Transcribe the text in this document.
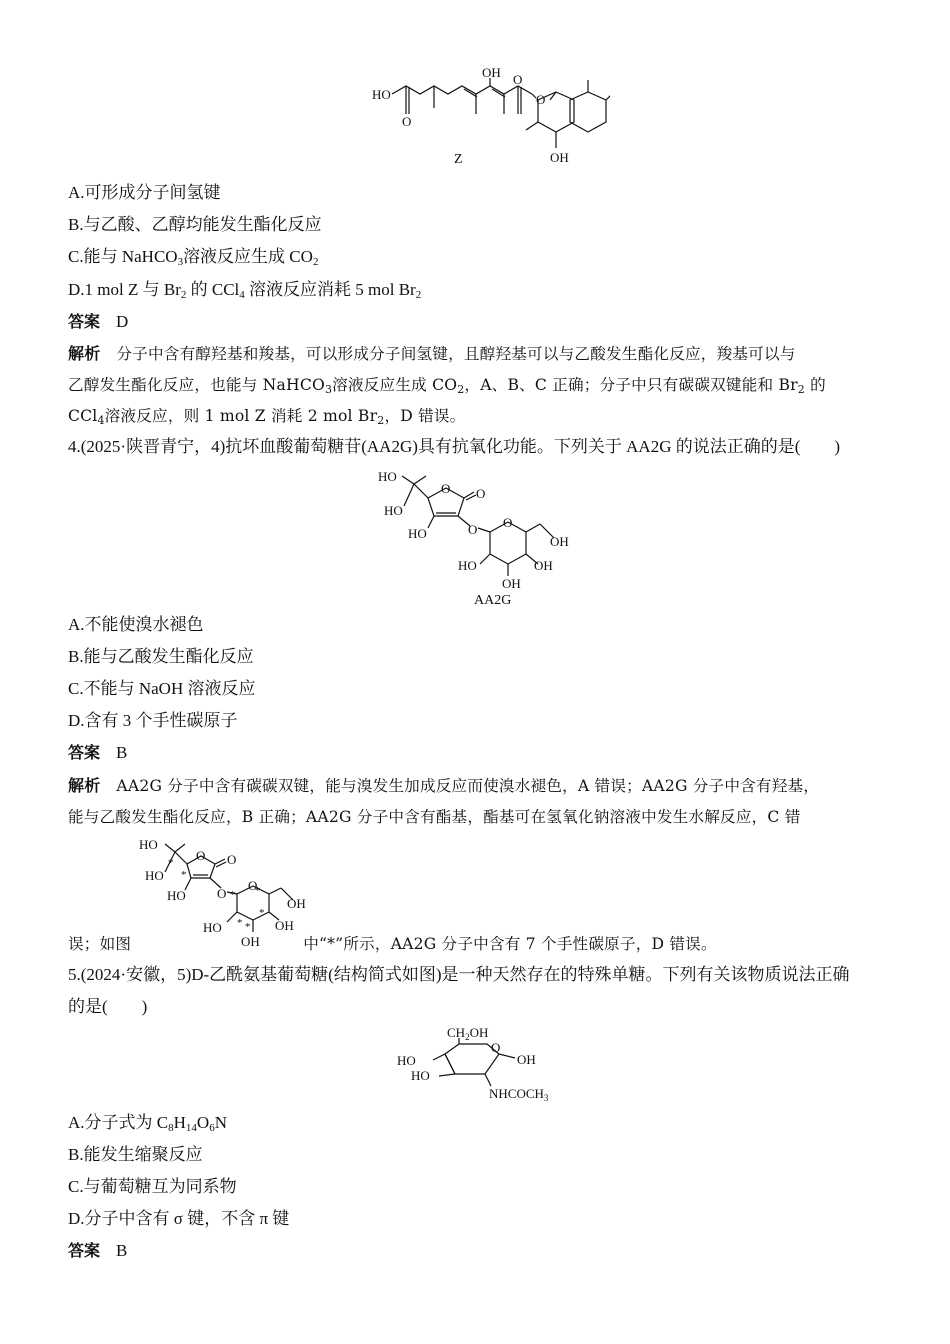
HO
O
OH O
O
OH
Z
A.可形成分子间氢键
B.与乙酸、乙醇均能发生酯化反应
C.能与 NaHCO$_3$溶液反应生成 $CO_2$
D.1 mol Z 与 $Br_2$ 的 CCl$_4$ 溶液反应消耗 5 mol $Br_2$
答案 D
解析 分子中含有醇羟基和羧基，可以形成分子间氢键，且醇羟基可以与乙酸发生酯化反应，羧基可以与
乙醇发生酯化反应，也能与 NaHCO$_3$溶液反应生成 $CO_2$，A、B、C 正确；分子中只有碳碳双键能和 $Br_2$ 的
CCl$_4$溶液反应，则 1 mol Z 消耗 2 mol $Br_2$，D 错误。
4.(2025·陕晋青宁，4)抗坏血酸葡萄糖苷(AA2G)具有抗氧化功能。下列关于 AA2G 的说法正确的是(　　)
HO
HO
O O
HO	O O
OH
HO
OH
OH
AA2G
A.不能使溴水褪色
B.能与乙酸发生酯化反应
C.不能与 NaOH 溶液反应
D.含有 3 个手性碳原子
答案 B
解析 AA2G 分子中含有碳碳双键，能与溴发生加成反应而使溴水褪色，A 错误；AA2G 分子中含有羟基，
能与乙酸发生酯化反应，B 正确；AA2G 分子中含有酯基，酯基可在氢氧化钠溶液中发生水解反应，C 错
HO
HO
O O
HO O
O
OH
HO
OH
OH
*
*
* *
*
* *
误；如图	中“*”所示，AA2G 分子中含有 7 个手性碳原子，D 错误。
5.(2024·安徽，5)D-乙酰氨基葡萄糖(结构简式如图)是一种天然存在的特殊单糖。下列有关该物质说法正确
的是(　　)
$CH_2OH$
O
OH
HO
HO
$NHCOCH_3$
A.分子式为 $C_8H_{14}O_6N$
B.能发生缩聚反应
C.与葡萄糖互为同系物
D.分子中含有 σ 键，不含 π 键
答案 B
